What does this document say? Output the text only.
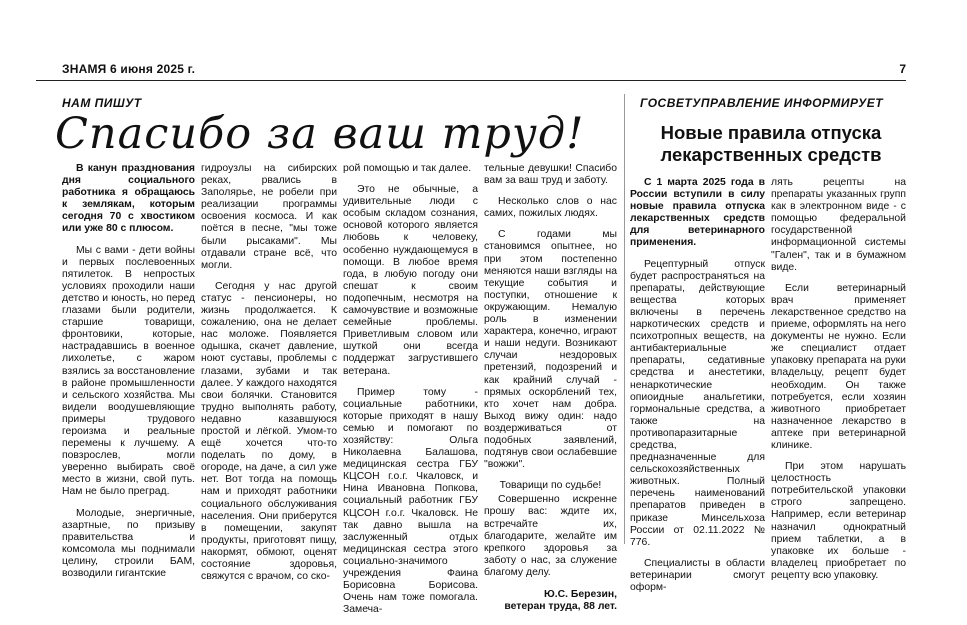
ЗНАМЯ 6 июня 2025 г.	7
НАМ ПИШУТ	ГОСВЕТУПРАВЛЕНИЕ ИНФОРМИРУЕТ
Спасибо за ваш труд!	Новые правила отпуска лекарственных средств

В канун празднования дня социального работника я обращаюсь к землякам, которым сегодня 70 с хвостиком или уже 80 с плюсом.

Мы с вами - дети войны и первых послевоенных пятилеток. В непростых условиях проходили наши детство и юность, но перед глазами были родители, старшие товарищи, фронтовики, которые, настрадавшись в военное лихолетье, с жаром взялись за восстановление в районе промышленности и сельского хозяйства. Мы видели воодушевляющие примеры трудового героизма и реальные перемены к лучшему. А повзрослев, могли уверенно выбирать своё место в жизни, свой путь. Нам не было преград.

Молодые, энергичные, азартные, по призыву правительства и комсомола мы поднимали целину, строили БАМ, возводили гигантские

гидроузлы на сибирских реках, рвались в Заполярье, не робели при реализации программы освоения космоса. И как поётся в песне, "мы тоже были рысаками". Мы отдавали стране всё, что могли.

Сегодня у нас другой статус - пенсионеры, но жизнь продолжается. К сожалению, она не делает нас моложе. Появляется одышка, скачет давление, ноют суставы, проблемы с глазами, зубами и так далее. У каждого находятся свои болячки. Становится трудно выполнять работу, недавно казавшуюся простой и лёгкой. Умом-то ещё хочется что-то поделать по дому, в огороде, на даче, а сил уже нет. Вот тогда на помощь нам и приходят работники социального обслуживания населения. Они приберутся в помещении, закупят продукты, приготовят пищу, накормят, обмоют, оценят состояние здоровья, свяжутся с врачом, со ско-

рой помощью и так далее.

Это не обычные, а удивительные люди с особым складом сознания, основой которого является любовь к человеку, особенно нуждающемуся в помощи. В любое время года, в любую погоду они спешат к своим подопечным, несмотря на самочувствие и возможные семейные проблемы. Приветливым словом или шуткой они всегда поддержат загрустившего ветерана.

Пример тому - социальные работники, которые приходят в нашу семью и помогают по хозяйству: Ольга Николаевна Балашова, медицинская сестра ГБУ КЦСОН г.о.г. Чкаловск, и Нина Ивановна Попкова, социальный работник ГБУ КЦСОН г.о.г. Чкаловск. Не так давно вышла на заслуженный отдых медицинская сестра этого социально-значимого учреждения Фаина Борисовна Борисова. Очень нам тоже помогала. Замеча-

тельные девушки! Спасибо вам за ваш труд и заботу.

Несколько слов о нас самих, пожилых людях.

С годами мы становимся опытнее, но при этом постепенно меняются наши взгляды на текущие события и поступки, отношение к окружающим. Немалую роль в изменении характера, конечно, играют и наши недуги. Возникают случаи нездоровых претензий, подозрений и как крайний случай - прямых оскорблений тех, кто хочет нам добра. Выход вижу один: надо воздерживаться от подобных заявлений, подтянув свои ослабевшие "вожжи".

Товарищи по судьбе!

Совершенно искренне прошу вас: ждите их, встречайте их, благодарите, желайте им крепкого здоровья за заботу о нас, за служение благому делу.

Ю.С. Березин,

ветеран труда, 88 лет.

С 1 марта 2025 года в России вступили в силу новые правила отпуска лекарственных средств для ветеринарного применения.

Рецептурный отпуск будет распространяться на препараты, действующие вещества которых включены в перечень наркотических средств и психотропных веществ, на антибактериальные препараты, седативные средства и анестетики, ненаркотические опиоидные анальгетики, гормональные средства, а также на противопаразитарные средства, предназначенные для сельскохозяйственных животных. Полный перечень наименований препаратов приведен в приказе Минсельхоза России от 02.11.2022 № 776.

Специалисты в области ветеринарии смогут оформ-

лять рецепты на препараты указанных групп как в электронном виде - с помощью федеральной государственной информационной системы "Гален", так и в бумажном виде.

Если ветеринарный врач применяет лекарственное средство на приеме, оформлять на него документы не нужно. Если же специалист отдает упаковку препарата на руки владельцу, рецепт будет необходим. Он также потребуется, если хозяин животного приобретает назначенное лекарство в аптеке при ветеринарной клинике.

При этом нарушать целостность потребительской упаковки строго запрещено. Например, если ветеринар назначил однократный прием таблетки, а в упаковке их больше - владелец приобретает по рецепту всю упаковку.
